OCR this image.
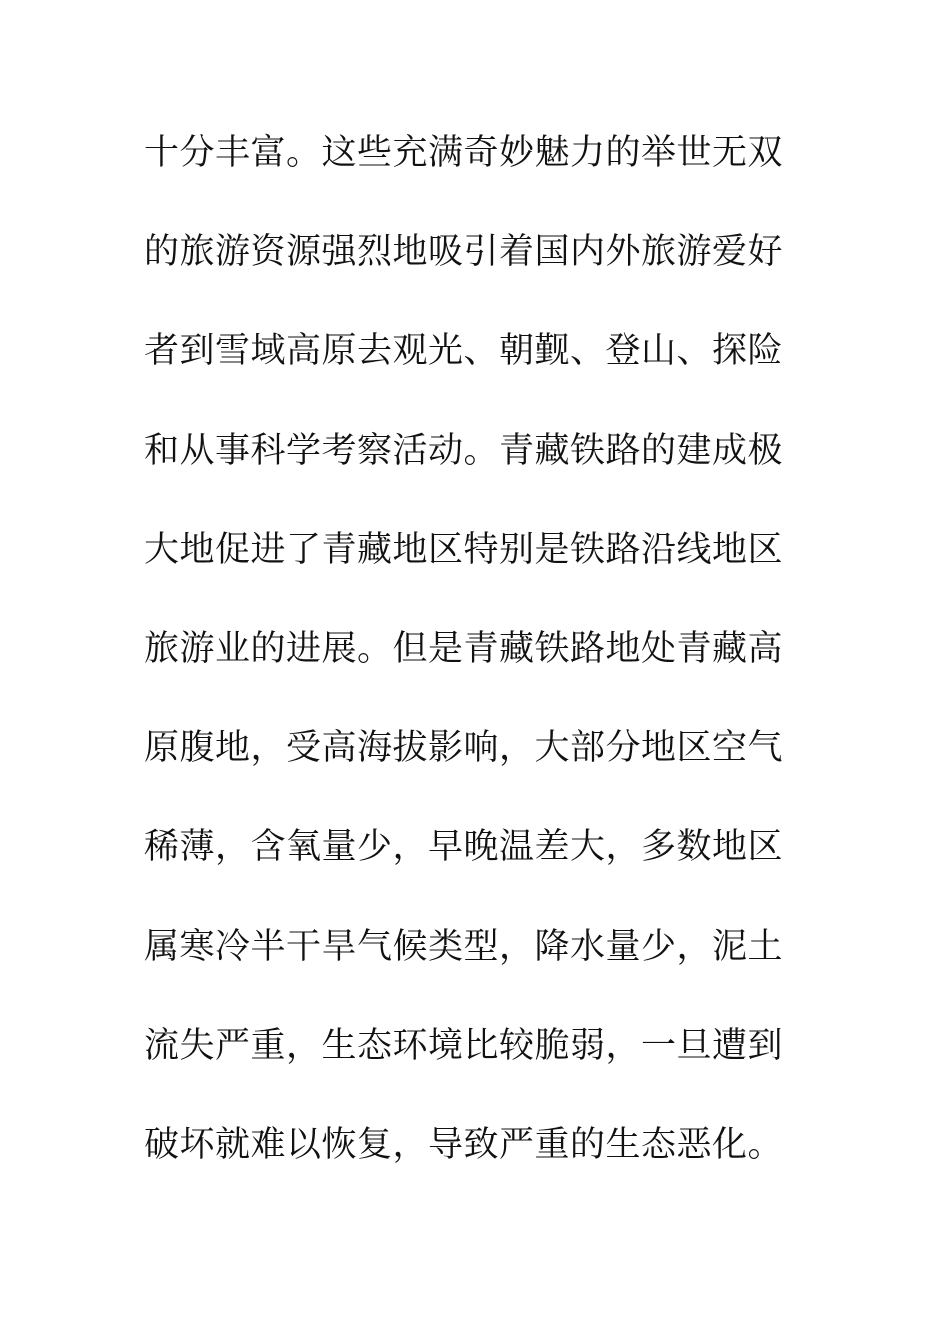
十分丰富。这些充满奇妙魅力的举世无双
的旅游资源强烈地吸引着国内外旅游爱好
者到雪域高原去观光、朝觐、登山、探险
和从事科学考察活动。青藏铁路的建成极
大地促进了青藏地区特别是铁路沿线地区
旅游业的进展。但是青藏铁路地处青藏高
原腹地，受高海拔影响，大部分地区空气
稀薄，含氧量少，早晚温差大，多数地区
属寒冷半干旱气候类型，降水量少，泥土
流失严重，生态环境比较脆弱，一旦遭到
破坏就难以恢复，导致严重的生态恶化。
